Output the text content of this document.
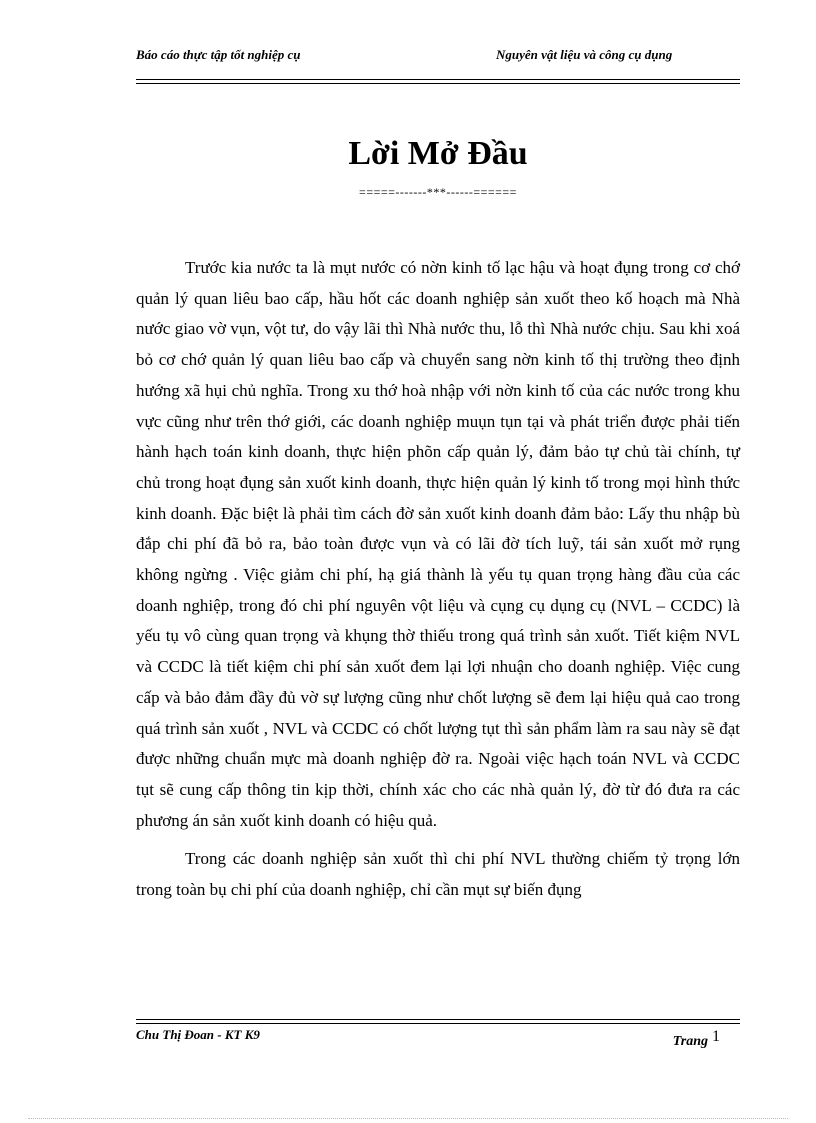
Báo cáo thực tập tốt nghiệp cụ	Nguyên vật liệu và công cụ dụng
Lời Mở Đầu
=====-------***------======

Trước kia nước ta là mụt nước có nờn kinh tố lạc hậu và hoạt đụng trong cơ chớ quản lý quan liêu bao cấp, hầu hốt các doanh nghiệp sản xuốt theo kố hoạch mà Nhà nước giao vờ vụn, vột tư, do vậy lãi thì Nhà nước thu, lỗ thì Nhà nước chịu. Sau khi xoá bỏ cơ chớ quản lý quan liêu bao cấp và chuyển sang nờn kinh tố thị trường theo định hướng xã hụi chủ nghĩa. Trong xu thớ hoà nhập với nờn kinh tố của các nước trong khu vực cũng như trên thớ giới, các doanh nghiệp muụn tụn tại và phát triển được phải tiến hành hạch toán kinh doanh, thực hiện phõn cấp quản lý, đảm bảo tự chủ tài chính, tự chủ trong hoạt đụng sản xuốt kinh doanh, thực hiện quản lý kinh tố trong mọi hình thức kinh doanh. Đặc biệt là phải tìm cách đờ sản xuốt kinh doanh đảm bảo: Lấy thu nhập bù đắp chi phí đã bỏ ra, bảo toàn được vụn và có lãi đờ tích luỹ, tái sản xuốt mở rụng không ngừng . Việc giảm chi phí, hạ giá thành là yếu tụ quan trọng hàng đầu của các doanh nghiệp, trong đó chi phí nguyên vột liệu và cụng cụ dụng cụ (NVL – CCDC) là yếu tụ vô cùng quan trọng và khụng thờ thiếu trong quá trình sản xuốt. Tiết kiệm NVL và CCDC là tiết kiệm chi phí sản xuốt đem lại lợi nhuận cho doanh nghiệp. Việc cung cấp và bảo đảm đầy đủ vờ sự lượng cũng như chốt lượng sẽ đem lại hiệu quả cao trong quá trình sản xuốt , NVL và CCDC có chốt lượng tụt thì sản phẩm làm ra sau này sẽ đạt được những chuẩn mực mà doanh nghiệp đờ ra. Ngoài việc hạch toán NVL và CCDC tụt sẽ cung cấp thông tin kịp thời, chính xác cho các nhà quản lý, đờ từ đó đưa ra các phương án sản xuốt kinh doanh có hiệu quả.

Trong các doanh nghiệp sản xuốt thì chi phí NVL thường chiếm tỷ trọng lớn trong toàn bụ chi phí của doanh nghiệp, chỉ cần mụt sự biến đụng

Chu Thị Đoan - KT K9	Trang 1
